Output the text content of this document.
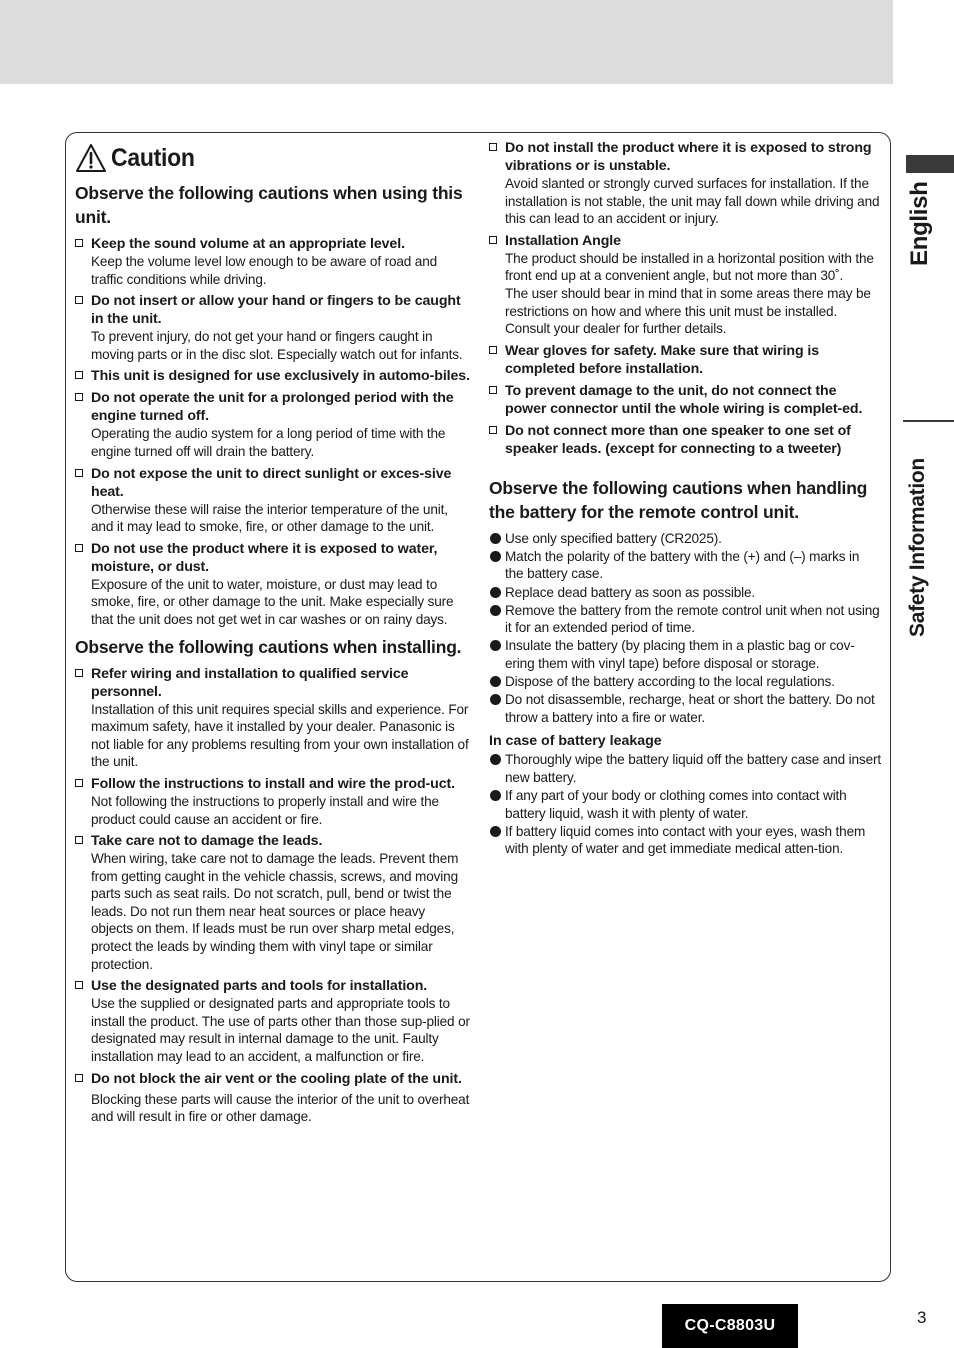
Caution
Observe the following cautions when using this unit.
Keep the sound volume at an appropriate level.
Keep the volume level low enough to be aware of road and traffic conditions while driving.
Do not insert or allow your hand or fingers to be caught in the unit.
To prevent injury, do not get your hand or fingers caught in moving parts or in the disc slot. Especially watch out for infants.
This unit is designed for use exclusively in automo-biles.
Do not operate the unit for a prolonged period with the engine turned off.
Operating the audio system for a long period of time with the engine turned off will drain the battery.
Do not expose the unit to direct sunlight or exces-sive heat.
Otherwise these will raise the interior temperature of the unit, and it may lead to smoke, fire, or other damage to the unit.
Do not use the product where it is exposed to water, moisture, or dust.
Exposure of the unit to water, moisture, or dust may lead to smoke, fire, or other damage to the unit. Make especially sure that the unit does not get wet in car washes or on rainy days.
Observe the following cautions when installing.
Refer wiring and installation to qualified service personnel.
Installation of this unit requires special skills and experience. For maximum safety, have it installed by your dealer. Panasonic is not liable for any problems resulting from your own installation of the unit.
Follow the instructions to install and wire the prod-uct.
Not following the instructions to properly install and wire the product could cause an accident or fire.
Take care not to damage the leads.
When wiring, take care not to damage the leads. Prevent them from getting caught in the vehicle chassis, screws, and moving parts such as seat rails. Do not scratch, pull, bend or twist the leads. Do not run them near heat sources or place heavy objects on them. If leads must be run over sharp metal edges, protect the leads by winding them with vinyl tape or similar protection.
Use the designated parts and tools for installation.
Use the supplied or designated parts and appropriate tools to install the product. The use of parts other than those sup-plied or designated may result in internal damage to the unit. Faulty installation may lead to an accident, a malfunction or fire.
Do not block the air vent or the cooling plate of the unit.
Blocking these parts will cause the interior of the unit to overheat and will result in fire or other damage.
Do not install the product where it is exposed to strong vibrations or is unstable.
Avoid slanted or strongly curved surfaces for installation. If the installation is not stable, the unit may fall down while driving and this can lead to an accident or injury.
Installation Angle
The product should be installed in a horizontal position with the front end up at a convenient angle, but not more than 30˚.
The user should bear in mind that in some areas there may be restrictions on how and where this unit must be installed. Consult your dealer for further details.
Wear gloves for safety. Make sure that wiring is completed before installation.
To prevent damage to the unit, do not connect the power connector until the whole wiring is complet-ed.
Do not connect more than one speaker to one set of speaker leads. (except for connecting to a tweeter)
Observe the following cautions when handling the battery for the remote control unit.
Use only specified battery (CR2025).
Match the polarity of the battery with the (+) and (–) marks in the battery case.
Replace dead battery as soon as possible.
Remove the battery from the remote control unit when not using it for an extended period of time.
Insulate the battery (by placing them in a plastic bag or cov-ering them with vinyl tape) before disposal or storage.
Dispose of the battery according to the local regulations.
Do not disassemble, recharge, heat or short the battery. Do not throw a battery into a fire or water.
In case of battery leakage
Thoroughly wipe the battery liquid off the battery case and insert new battery.
If any part of your body or clothing comes into contact with battery liquid, wash it with plenty of water.
If battery liquid comes into contact with your eyes, wash them with plenty of water and get immediate medical atten-tion.
English
Safety Information
CQ-C8803U	3
